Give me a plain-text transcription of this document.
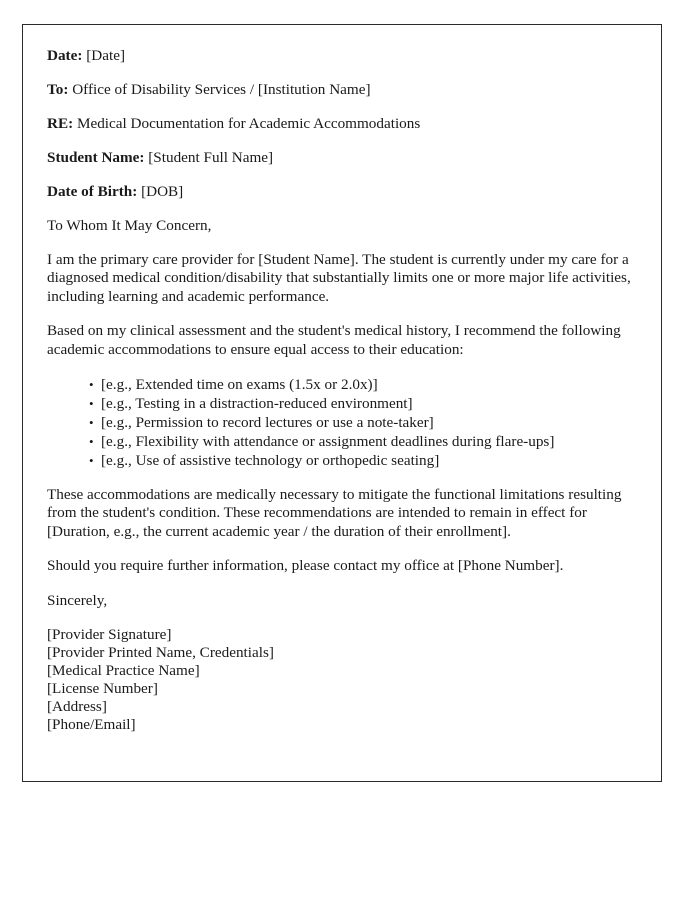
Date: [Date]
To: Office of Disability Services / [Institution Name]
RE: Medical Documentation for Academic Accommodations
Student Name: [Student Full Name]
Date of Birth: [DOB]
To Whom It May Concern,

I am the primary care provider for [Student Name]. The student is currently under my care for a diagnosed medical condition/disability that substantially limits one or more major life activities, including learning and academic performance.

Based on my clinical assessment and the student's medical history, I recommend the following academic accommodations to ensure equal access to their education:

• [e.g., Extended time on exams (1.5x or 2.0x)]
• [e.g., Testing in a distraction-reduced environment]
• [e.g., Permission to record lectures or use a note-taker]
• [e.g., Flexibility with attendance or assignment deadlines during flare-ups]
• [e.g., Use of assistive technology or orthopedic seating]

These accommodations are medically necessary to mitigate the functional limitations resulting from the student's condition. These recommendations are intended to remain in effect for [Duration, e.g., the current academic year / the duration of their enrollment].

Should you require further information, please contact my office at [Phone Number].

Sincerely,
[Provider Signature]
[Provider Printed Name, Credentials]
[Medical Practice Name]
[License Number]
[Address]
[Phone/Email]
